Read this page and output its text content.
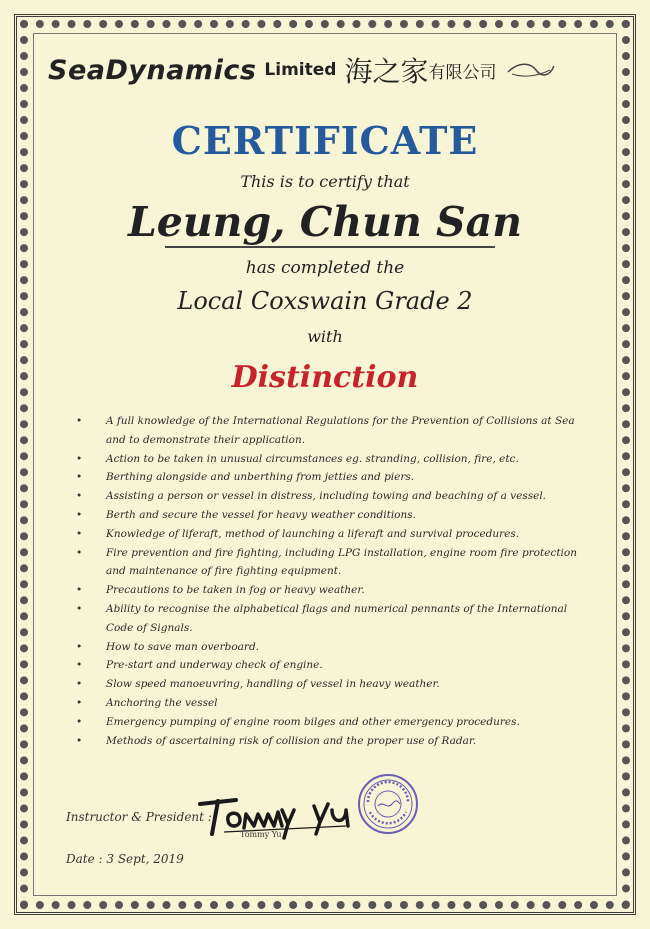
SeaDynamics Limited 海之家 有限公司
CERTIFICATE
This is to certify that
Leung, Chun San
has completed the
Local Coxswain Grade 2
with
Distinction
• A full knowledge of the International Regulations for the Prevention of Collisions at Sea and to demonstrate their application.
• Action to be taken in unusual circumstances eg. stranding, collision, fire, etc.
• Berthing alongside and unberthing from jetties and piers.
• Assisting a person or vessel in distress, including towing and beaching of a vessel.
• Berth and secure the vessel for heavy weather conditions.
• Knowledge of liferaft, method of launching a liferaft and survival procedures.
• Fire prevention and fire fighting, including LPG installation, engine room fire protection and maintenance of fire fighting equipment.
• Precautions to be taken in fog or heavy weather.
• Ability to recognise the alphabetical flags and numerical pennants of the International Code of Signals.
• How to save man overboard.
• Pre-start and underway check of engine.
• Slow speed manoeuvring, handling of vessel in heavy weather.
• Anchoring the vessel
• Emergency pumping of engine room bilges and other emergency procedures.
• Methods of ascertaining risk of collision and the proper use of Radar.
Instructor & President :
Tommy Yu
Date : 3 Sept, 2019
